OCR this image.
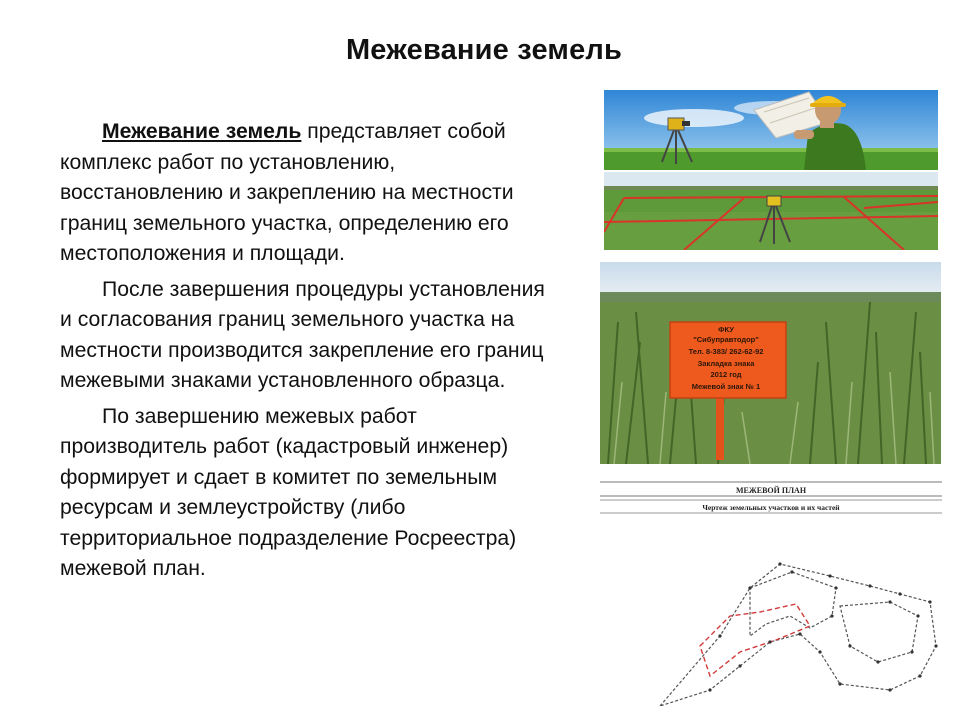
Межевание земель

Межевание земель представляет собой комплекс работ по установлению, восстановлению и закреплению на местности границ земельного участка, определению его местоположения и площади.

После завершения процедуры установления и согласования границ земельного участка на местности производится закрепление его границ межевыми знаками установленного образца.

По завершению межевых работ производитель работ (кадастровый инженер) формирует и сдает в комитет по земельным ресурсам и землеустройству (либо территориальное подразделение Росреестра) межевой план.

ФКУ
"Сибуправтодор"
Тел. 8-383/ 262-62-92
Закладка знака
2012 год
Межевой знак № 1
МЕЖЕВОЙ ПЛАН
Чертеж земельных участков и их частей
